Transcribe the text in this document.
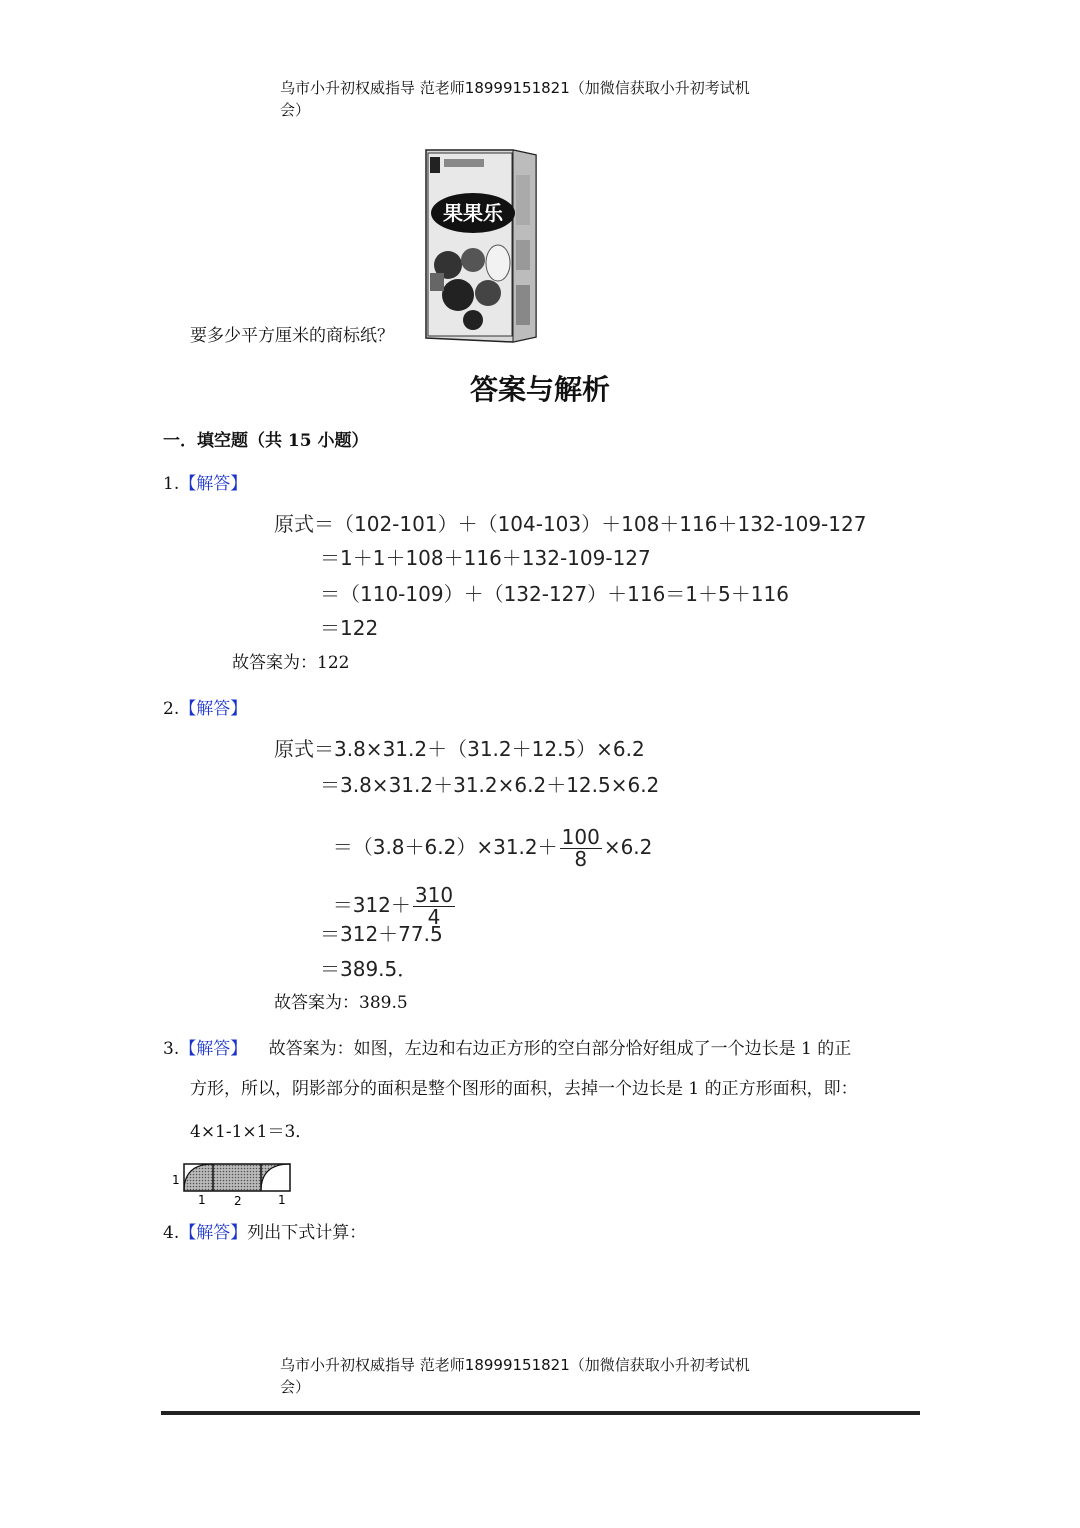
乌市小升初权威指导 范老师18999151821（加微信获取小升初考试机
会）
果果乐
要多少平方厘米的商标纸？
答案与解析
一．填空题（共 15 小题）
1.【解答】
原式＝（102-101）＋（104-103）＋108＋116＋132-109-127
＝1＋1＋108＋116＋132-109-127
＝（110-109）＋（132-127）＋116＝1＋5＋116
＝122
故答案为：122
2.【解答】
原式＝3.8×31.2＋（31.2＋12.5）×6.2
＝3.8×31.2＋31.2×6.2＋12.5×6.2

$=(3.8+6.2)\times 31.2+ \frac{100}{8} \times 6.2$

$=312+ \frac{310}{4}$

＝312＋77.5
＝389.5．
故答案为：389.5
3.【解答】 故答案为：如图，左边和右边正方形的空白部分恰好组成了一个边长是 1 的正
方形，所以，阴影部分的面积是整个图形的面积，去掉一个边长是 1 的正方形面积，即：
4×1-1×1＝3．
1
1 2	1
4.【解答】列出下式计算：
乌市小升初权威指导 范老师18999151821（加微信获取小升初考试机
会）
